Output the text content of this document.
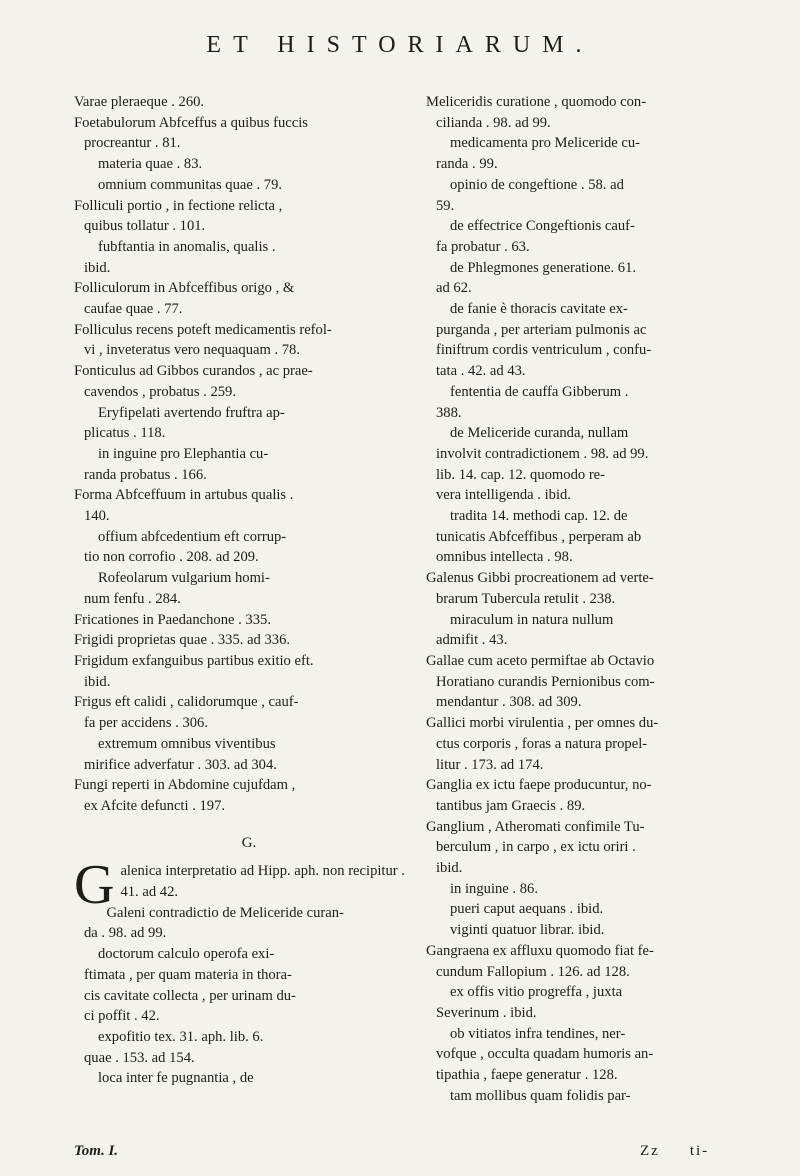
ET HISTORIARUM.

Varae pleraeque . 260.

Foetabulorum Abfceffus a quibus fuccis

procreantur . 81.

materia quae . 83.

omnium communitas quae . 79.

Folliculi portio , in fectione relicta ,

quibus tollatur . 101.

fubftantia in anomalis, qualis .

ibid.

Folliculorum in Abfceffibus origo , &

caufae quae . 77.

Folliculus recens poteft medicamentis refol-

vi , inveteratus vero nequaquam . 78.

Fonticulus ad Gibbos curandos , ac prae-

cavendos , probatus . 259.

Eryfipelati avertendo fruftra ap-

plicatus . 118.

in inguine pro Elephantia cu-

randa probatus . 166.

Forma Abfceffuum in artubus qualis .

140.

offium abfcedentium eft corrup-

tio non corrofio . 208. ad 209.

Rofeolarum vulgarium homi-

num fenfu . 284.

Fricationes in Paedanchone . 335.

Frigidi proprietas quae . 335. ad 336.

Frigidum exfanguibus partibus exitio eft.

ibid.

Frigus eft calidi , calidorumque , cauf-

fa per accidens . 306.

extremum omnibus viventibus

mirifice adverfatur . 303. ad 304.

Fungi reperti in Abdomine cujufdam ,

ex Afcite defuncti . 197.

G.

G alenica interpretatio ad Hipp. aph. non recipitur . 41. ad 42.

Galeni contradictio de Meliceride curan-

da . 98. ad 99.

doctorum calculo operofa exi-

ftimata , per quam materia in thora-

cis cavitate collecta , per urinam du-

ci poffit . 42.

expofitio tex. 31. aph. lib. 6.

quae . 153. ad 154.

loca inter fe pugnantia , de

Meliceridis curatione , quomodo con-

cilianda . 98. ad 99.

medicamenta pro Meliceride cu-

randa . 99.

opinio de congeftione . 58. ad

59.

de effectrice Congeftionis cauf-

fa probatur . 63.

de Phlegmones generatione. 61.

ad 62.

de fanie è thoracis cavitate ex-

purganda , per arteriam pulmonis ac

finiftrum cordis ventriculum , confu-

tata . 42. ad 43.

fententia de cauffa Gibberum .

388.

de Meliceride curanda, nullam

involvit contradictionem . 98. ad 99.

lib. 14. cap. 12. quomodo re-

vera intelligenda . ibid.

tradita 14. methodi cap. 12. de

tunicatis Abfceffibus , perperam ab

omnibus intellecta . 98.

Galenus Gibbi procreationem ad verte-

brarum Tubercula retulit . 238.

miraculum in natura nullum

admifit . 43.

Gallae cum aceto permiftae ab Octavio

Horatiano curandis Pernionibus com-

mendantur . 308. ad 309.

Gallici morbi virulentia , per omnes du-

ctus corporis , foras a natura propel-

litur . 173. ad 174.

Ganglia ex ictu faepe producuntur, no-

tantibus jam Graecis . 89.

Ganglium , Atheromati confimile Tu-

berculum , in carpo , ex ictu oriri .

ibid.

in inguine . 86.

pueri caput aequans . ibid.

viginti quatuor librar. ibid.

Gangraena ex affluxu quomodo fiat fe-

cundum Fallopium . 126. ad 128.

ex offis vitio progreffa , juxta

Severinum . ibid.

ob vitiatos infra tendines, ner-

vofque , occulta quadam humoris an-

tipathia , faepe generatur . 128.

tam mollibus quam folidis par-

Tom. I.	Zz ti-
